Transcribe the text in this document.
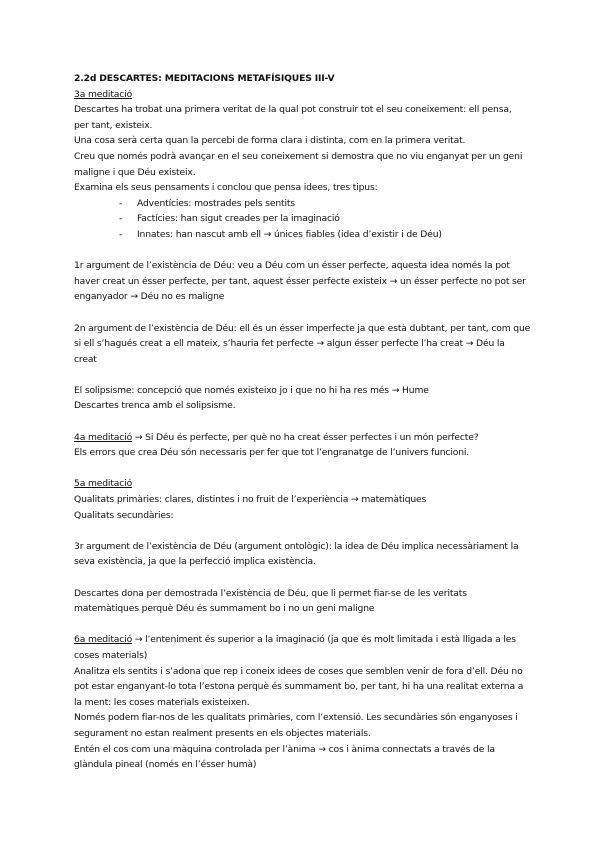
2.2d DESCARTES: MEDITACIONS METAFÍSIQUES III-V
3a meditació
Descartes ha trobat una primera veritat de la qual pot construir tot el seu coneixement: ell pensa,
per tant, existeix.
Una cosa serà certa quan la percebi de forma clara i distinta, com en la primera veritat.
Creu que només podrà avançar en el seu coneixement si demostra que no viu enganyat per un geni
maligne i que Déu existeix.
Examina els seus pensaments i conclou que pensa idees, tres tipus:
- Adventícies: mostrades pels sentits
- Factícies: han sigut creades per la imaginació
- Innates: han nascut amb ell → únices fiables (idea d’existir i de Déu)
1r argument de l’existència de Déu: veu a Déu com un ésser perfecte, aquesta idea només la pot
haver creat un ésser perfecte, per tant, aquest ésser perfecte existeix → un ésser perfecte no pot ser
enganyador → Déu no es maligne
2n argument de l’existència de Déu: ell és un ésser imperfecte ja que està dubtant, per tant, com que
si ell s’hagués creat a ell mateix, s’hauria fet perfecte → algun ésser perfecte l’ha creat → Déu la
creat
El solipsisme: concepció que només existeixo jo i que no hi ha res més → Hume
Descartes trenca amb el solipsisme.
4a meditació → Si Déu és perfecte, per què no ha creat ésser perfectes i un món perfecte?
Els errors que crea Déu són necessaris per fer que tot l’engranatge de l’univers funcioni.
5a meditació
Qualitats primàries: clares, distintes i no fruit de l’experiència → matemàtiques
Qualitats secundàries:
3r argument de l’existència de Déu (argument ontològic): la idea de Déu implica necessàriament la
seva existència, ja que la perfecció implica existència.
Descartes dona per demostrada l’existència de Déu, que li permet fiar-se de les veritats
matemàtiques perquè Déu és summament bo i no un geni maligne
6a meditació → l’enteniment és superior a la imaginació (ja que és molt limitada i està lligada a les
coses materials)
Analitza els sentits i s’adona que rep i coneix idees de coses que semblen venir de fora d’ell. Déu no
pot estar enganyant-lo tota l’estona perquè és summament bo, per tant, hi ha una realitat externa a
la ment: les coses materials existeixen.
Només podem fiar-nos de les qualitats primàries, com l’extensió. Les secundàries són enganyoses i
segurament no estan realment presents en els objectes materials.
Entén el cos com una màquina controlada per l’ànima → cos i ànima connectats a través de la
glàndula pineal (només en l’ésser humà)
